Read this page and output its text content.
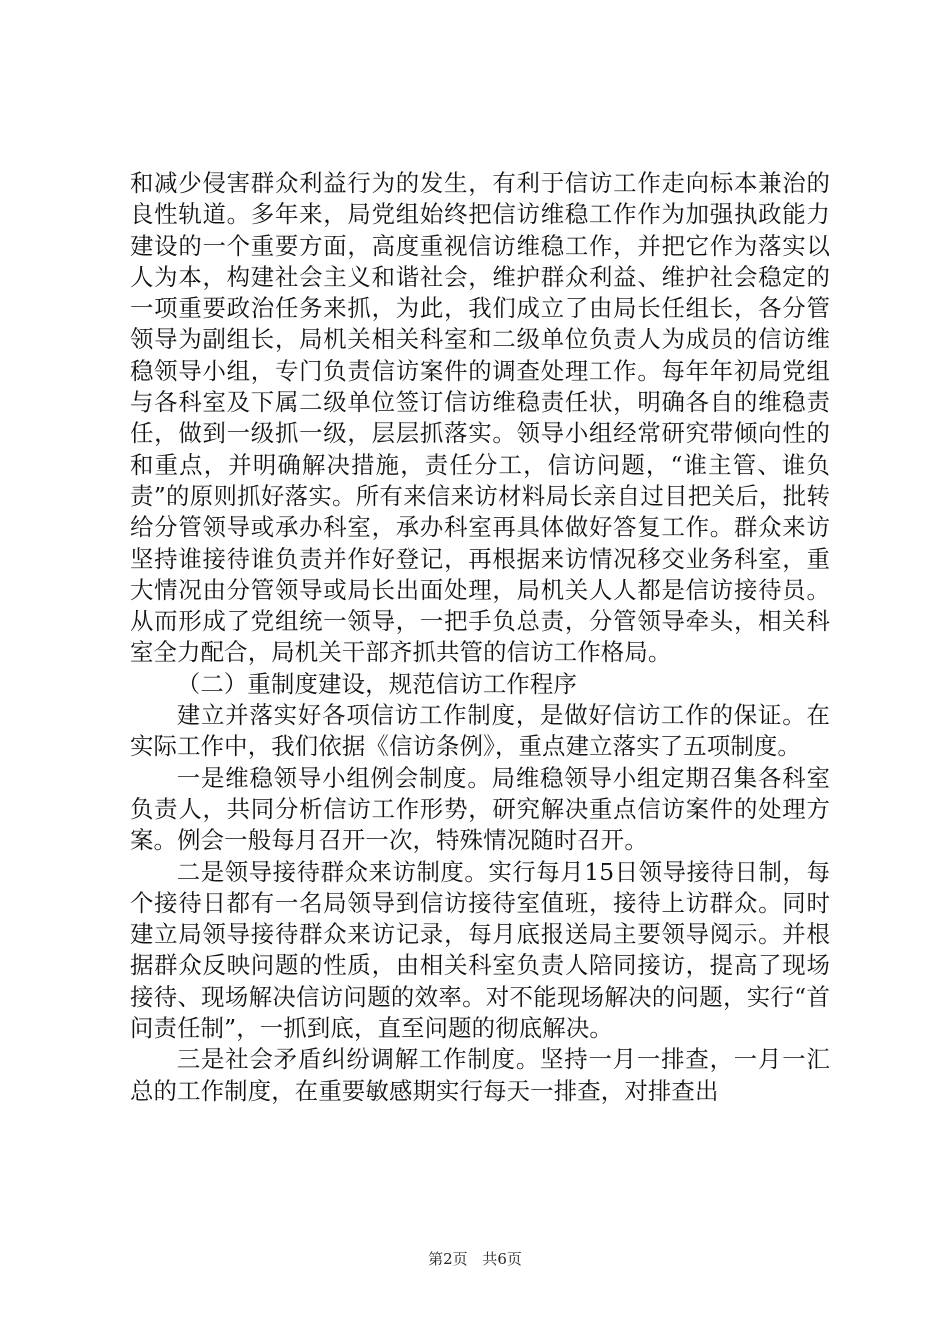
和减少侵害群众利益行为的发生，有利于信访工作走向标本兼治的良性轨道。多年来，局党组始终把信访维稳工作作为加强执政能力建设的一个重要方面，高度重视信访维稳工作，并把它作为落实以人为本，构建社会主义和谐社会，维护群众利益、维护社会稳定的一项重要政治任务来抓，为此，我们成立了由局长任组长，各分管领导为副组长，局机关相关科室和二级单位负责人为成员的信访维稳领导小组，专门负责信访案件的调查处理工作。每年年初局党组与各科室及下属二级单位签订信访维稳责任状，明确各自的维稳责任，做到一级抓一级，层层抓落实。领导小组经常研究带倾向性的和重点，并明确解决措施，责任分工，信访问题，“谁主管、谁负责”的原则抓好落实。所有来信来访材料局长亲自过目把关后，批转给分管领导或承办科室，承办科室再具体做好答复工作。群众来访坚持谁接待谁负责并作好登记，再根据来访情况移交业务科室，重大情况由分管领导或局长出面处理，局机关人人都是信访接待员。从而形成了党组统一领导，一把手负总责，分管领导牵头，相关科室全力配合，局机关干部齐抓共管的信访工作格局。

（二）重制度建设，规范信访工作程序

建立并落实好各项信访工作制度，是做好信访工作的保证。在实际工作中，我们依据《信访条例》，重点建立落实了五项制度。

一是维稳领导小组例会制度。局维稳领导小组定期召集各科室负责人，共同分析信访工作形势，研究解决重点信访案件的处理方案。例会一般每月召开一次，特殊情况随时召开。

二是领导接待群众来访制度。实行每月15日领导接待日制，每个接待日都有一名局领导到信访接待室值班，接待上访群众。同时建立局领导接待群众来访记录，每月底报送局主要领导阅示。并根据群众反映问题的性质，由相关科室负责人陪同接访，提高了现场接待、现场解决信访问题的效率。对不能现场解决的问题，实行“首问责任制”，一抓到底，直至问题的彻底解决。

三是社会矛盾纠纷调解工作制度。坚持一月一排查，一月一汇总的工作制度，在重要敏感期实行每天一排查，对排查出

第2页 共6页
